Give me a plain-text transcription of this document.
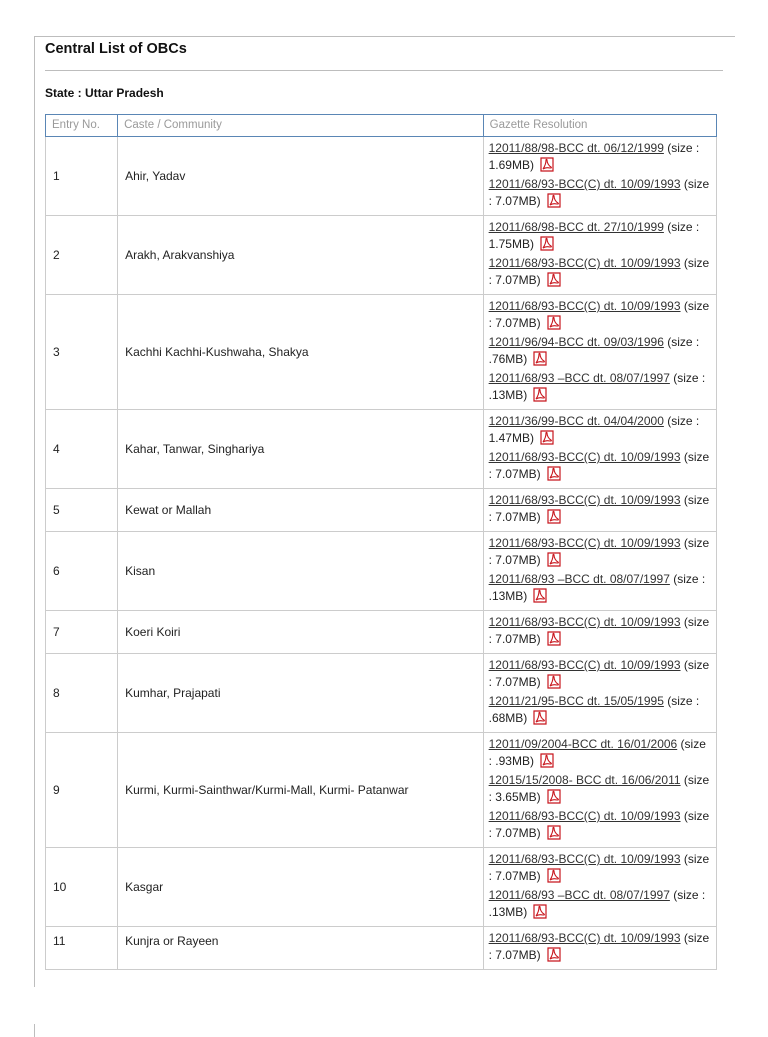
Central List of OBCs
State : Uttar Pradesh
Entry No.	Caste / Community	Gazette Resolution
1	Ahir, Yadav	12011/88/98-BCC dt. 06/12/1999 (size : 1.69MB)
12011/68/93-BCC(C) dt. 10/09/1993 (size : 7.07MB)

2	Arakh, Arakvanshiya	12011/68/98-BCC dt. 27/10/1999 (size : 1.75MB)
12011/68/93-BCC(C) dt. 10/09/1993 (size : 7.07MB)

3	Kachhi Kachhi-Kushwaha, Shakya	12011/68/93-BCC(C) dt. 10/09/1993 (size : 7.07MB)
12011/96/94-BCC dt. 09/03/1996 (size : .76MB)
12011/68/93 –BCC dt. 08/07/1997 (size : .13MB)

4	Kahar, Tanwar, Singhariya	12011/36/99-BCC dt. 04/04/2000 (size : 1.47MB)
12011/68/93-BCC(C) dt. 10/09/1993 (size : 7.07MB)

5	Kewat or Mallah	12011/68/93-BCC(C) dt. 10/09/1993 (size : 7.07MB)

6	Kisan	12011/68/93-BCC(C) dt. 10/09/1993 (size : 7.07MB)
12011/68/93 –BCC dt. 08/07/1997 (size : .13MB)

7	Koeri Koiri	12011/68/93-BCC(C) dt. 10/09/1993 (size : 7.07MB)

8	Kumhar, Prajapati	12011/68/93-BCC(C) dt. 10/09/1993 (size : 7.07MB)
12011/21/95-BCC dt. 15/05/1995 (size : .68MB)

9	Kurmi, Kurmi-Sainthwar/Kurmi-Mall, Kurmi- Patanwar	12011/09/2004-BCC dt. 16/01/2006 (size : .93MB)
12015/15/2008- BCC dt. 16/06/2011 (size : 3.65MB)
12011/68/93-BCC(C) dt. 10/09/1993 (size : 7.07MB)

10	Kasgar	12011/68/93-BCC(C) dt. 10/09/1993 (size : 7.07MB)
12011/68/93 –BCC dt. 08/07/1997 (size : .13MB)

11	Kunjra or Rayeen	12011/68/93-BCC(C) dt. 10/09/1993 (size : 7.07MB)
